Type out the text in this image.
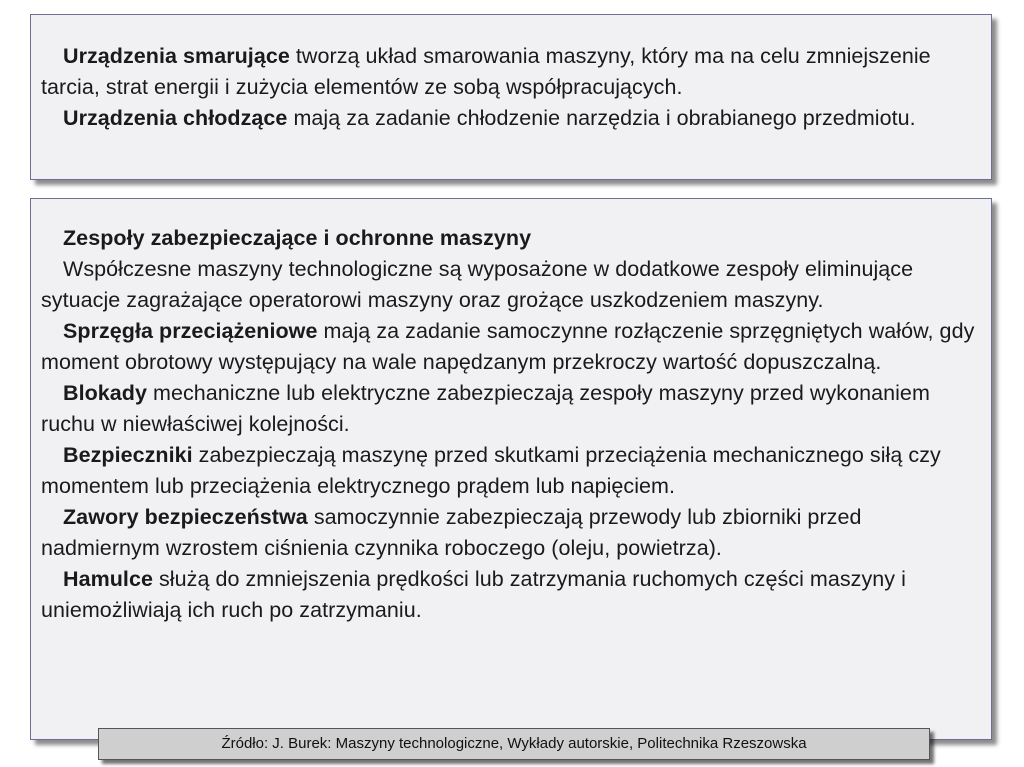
Urządzenia smarujące tworzą układ smarowania maszyny, który ma na celu zmniejszenie tarcia, strat energii i zużycia elementów ze sobą współpracujących.

Urządzenia chłodzące mają za zadanie chłodzenie narzędzia i obrabianego przedmiotu.

Zespoły zabezpieczające i ochronne maszyny

Współczesne maszyny technologiczne są wyposażone w dodatkowe zespoły eliminujące sytuacje zagrażające operatorowi maszyny oraz grożące uszkodzeniem maszyny.

Sprzęgła przeciążeniowe mają za zadanie samoczynne rozłączenie sprzęgniętych wałów, gdy moment obrotowy występujący na wale napędzanym przekroczy wartość dopuszczalną.

Blokady mechaniczne lub elektryczne zabezpieczają zespoły maszyny przed wykonaniem ruchu w niewłaściwej kolejności.

Bezpieczniki zabezpieczają maszynę przed skutkami przeciążenia mechanicznego siłą czy momentem lub przeciążenia elektrycznego prądem lub napięciem.

Zawory bezpieczeństwa samoczynnie zabezpieczają przewody lub zbiorniki przed nadmiernym wzrostem ciśnienia czynnika roboczego (oleju, powietrza).

Hamulce służą do zmniejszenia prędkości lub zatrzymania ruchomych części maszyny i uniemożliwiają ich ruch po zatrzymaniu.

Źródło: J. Burek: Maszyny technologiczne, Wykłady autorskie, Politechnika Rzeszowska
